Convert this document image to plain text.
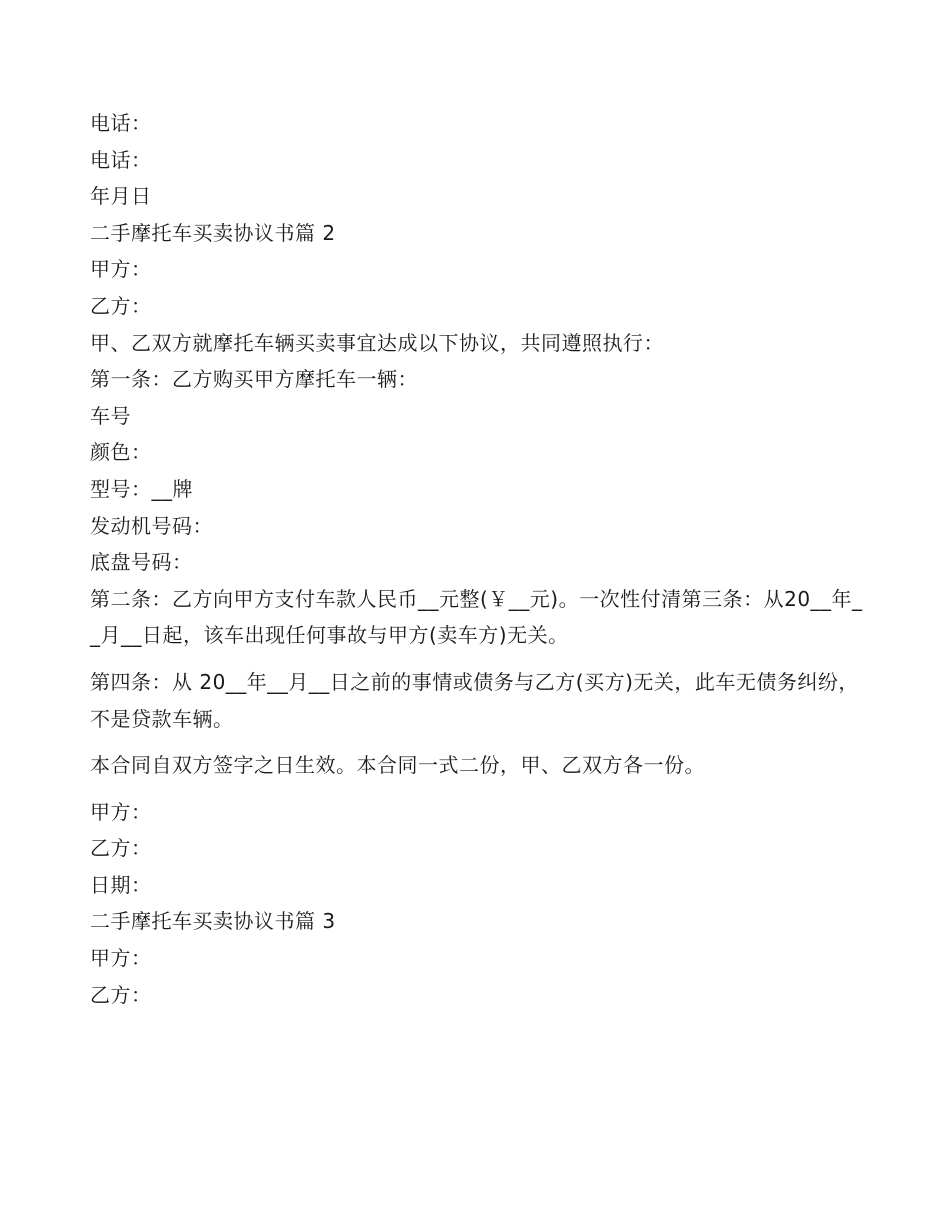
电话：
电话：
年月日
二手摩托车买卖协议书篇 2
甲方：
乙方：
甲、乙双方就摩托车辆买卖事宜达成以下协议，共同遵照执行：
第一条：乙方购买甲方摩托车一辆：
车号
颜色：
型号：__牌
发动机号码：
底盘号码：
第二条：乙方向甲方支付车款人民币__元整(￥__元)。一次性付清第三条：从20__年__月__日起，该车出现任何事故与甲方(卖车方)无关。
第四条：从 20__年__月__日之前的事情或债务与乙方(买方)无关，此车无债务纠纷，不是贷款车辆。
本合同自双方签字之日生效。本合同一式二份，甲、乙双方各一份。
甲方：
乙方：
日期：
二手摩托车买卖协议书篇 3
甲方：
乙方：
